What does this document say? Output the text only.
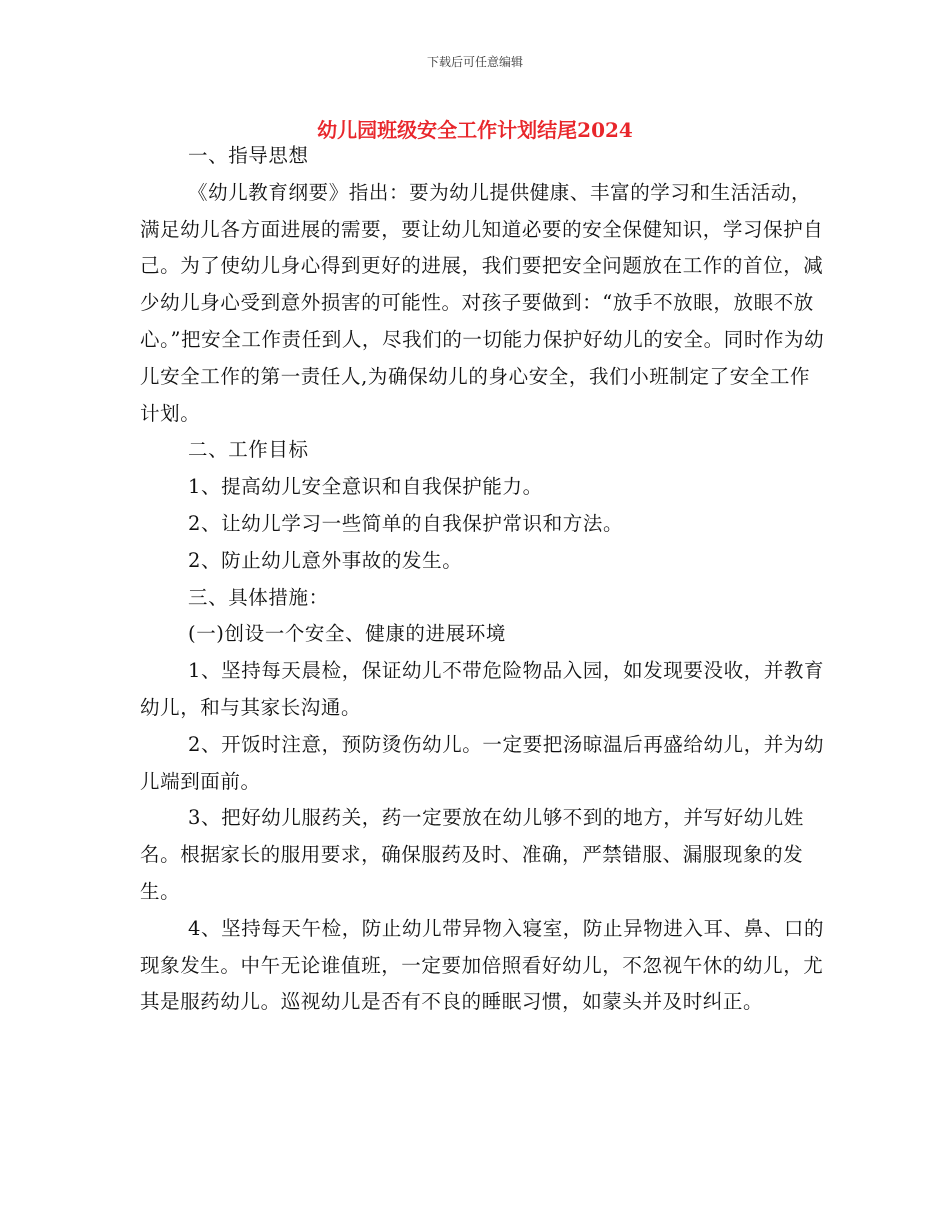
下载后可任意编辑
幼儿园班级安全工作计划结尾2024

一、指导思想

《幼儿教育纲要》指出：要为幼儿提供健康、丰富的学习和生活活动，满足幼儿各方面进展的需要，要让幼儿知道必要的安全保健知识，学习保护自己。为了使幼儿身心得到更好的进展，我们要把安全问题放在工作的首位，减少幼儿身心受到意外损害的可能性。对孩子要做到：“放手不放眼，放眼不放心。”把安全工作责任到人，尽我们的一切能力保护好幼儿的安全。同时作为幼儿安全工作的第一责任人,为确保幼儿的身心安全，我们小班制定了安全工作计划。

二、工作目标

1、提高幼儿安全意识和自我保护能力。

2、让幼儿学习一些简单的自我保护常识和方法。

2、防止幼儿意外事故的发生。

三、具体措施：

(一)创设一个安全、健康的进展环境

1、坚持每天晨检，保证幼儿不带危险物品入园，如发现要没收，并教育幼儿，和与其家长沟通。

2、开饭时注意，预防烫伤幼儿。一定要把汤晾温后再盛给幼儿，并为幼儿端到面前。

3、把好幼儿服药关，药一定要放在幼儿够不到的地方，并写好幼儿姓名。根据家长的服用要求，确保服药及时、准确，严禁错服、漏服现象的发生。

4、坚持每天午检，防止幼儿带异物入寝室，防止异物进入耳、鼻、口的现象发生。中午无论谁值班，一定要加倍照看好幼儿，不忽视午休的幼儿，尤其是服药幼儿。巡视幼儿是否有不良的睡眠习惯，如蒙头并及时纠正。
